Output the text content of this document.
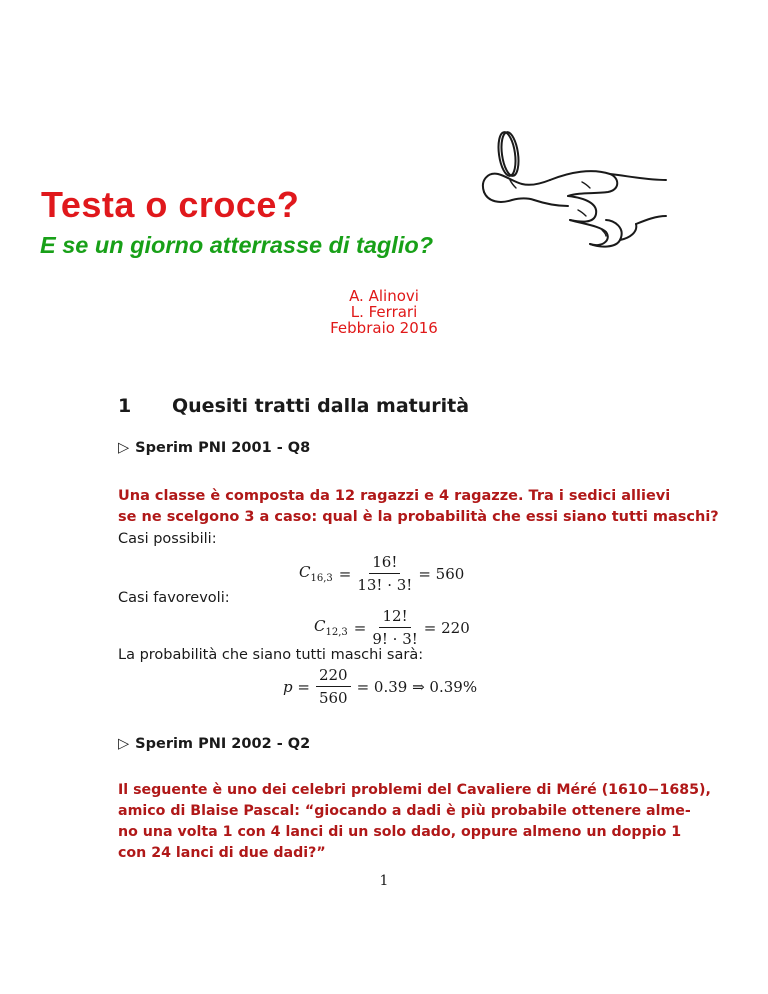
Testa o croce?
E se un giorno atterrasse di taglio?
A. Alinovi
L. Ferrari
Febbraio 2016
1 Quesiti tratti dalla maturità
▷ Sperim PNI 2001 - Q8
Una classe è composta da 12 ragazzi e 4 ragazze. Tra i sedici allievi
se ne scelgono 3 a caso: qual è la probabilità che essi siano tutti maschi?
Casi possibili:
$C_{16,3} = \frac{16!}{13! \cdot 3!} = 560$
Casi favorevoli:
$C_{12,3} = \frac{12!}{9! \cdot 3!} = 220$
La probabilità che siano tutti maschi sarà:
$p = \frac{220}{560} = 0.39$ ⇒ 0.39%
▷ Sperim PNI 2002 - Q2
Il seguente è uno dei celebri problemi del Cavaliere di Méré (1610−1685),
amico di Blaise Pascal: “giocando a dadi è più probabile ottenere alme-
no una volta 1 con 4 lanci di un solo dado, oppure almeno un doppio 1
con 24 lanci di due dadi?”
1
